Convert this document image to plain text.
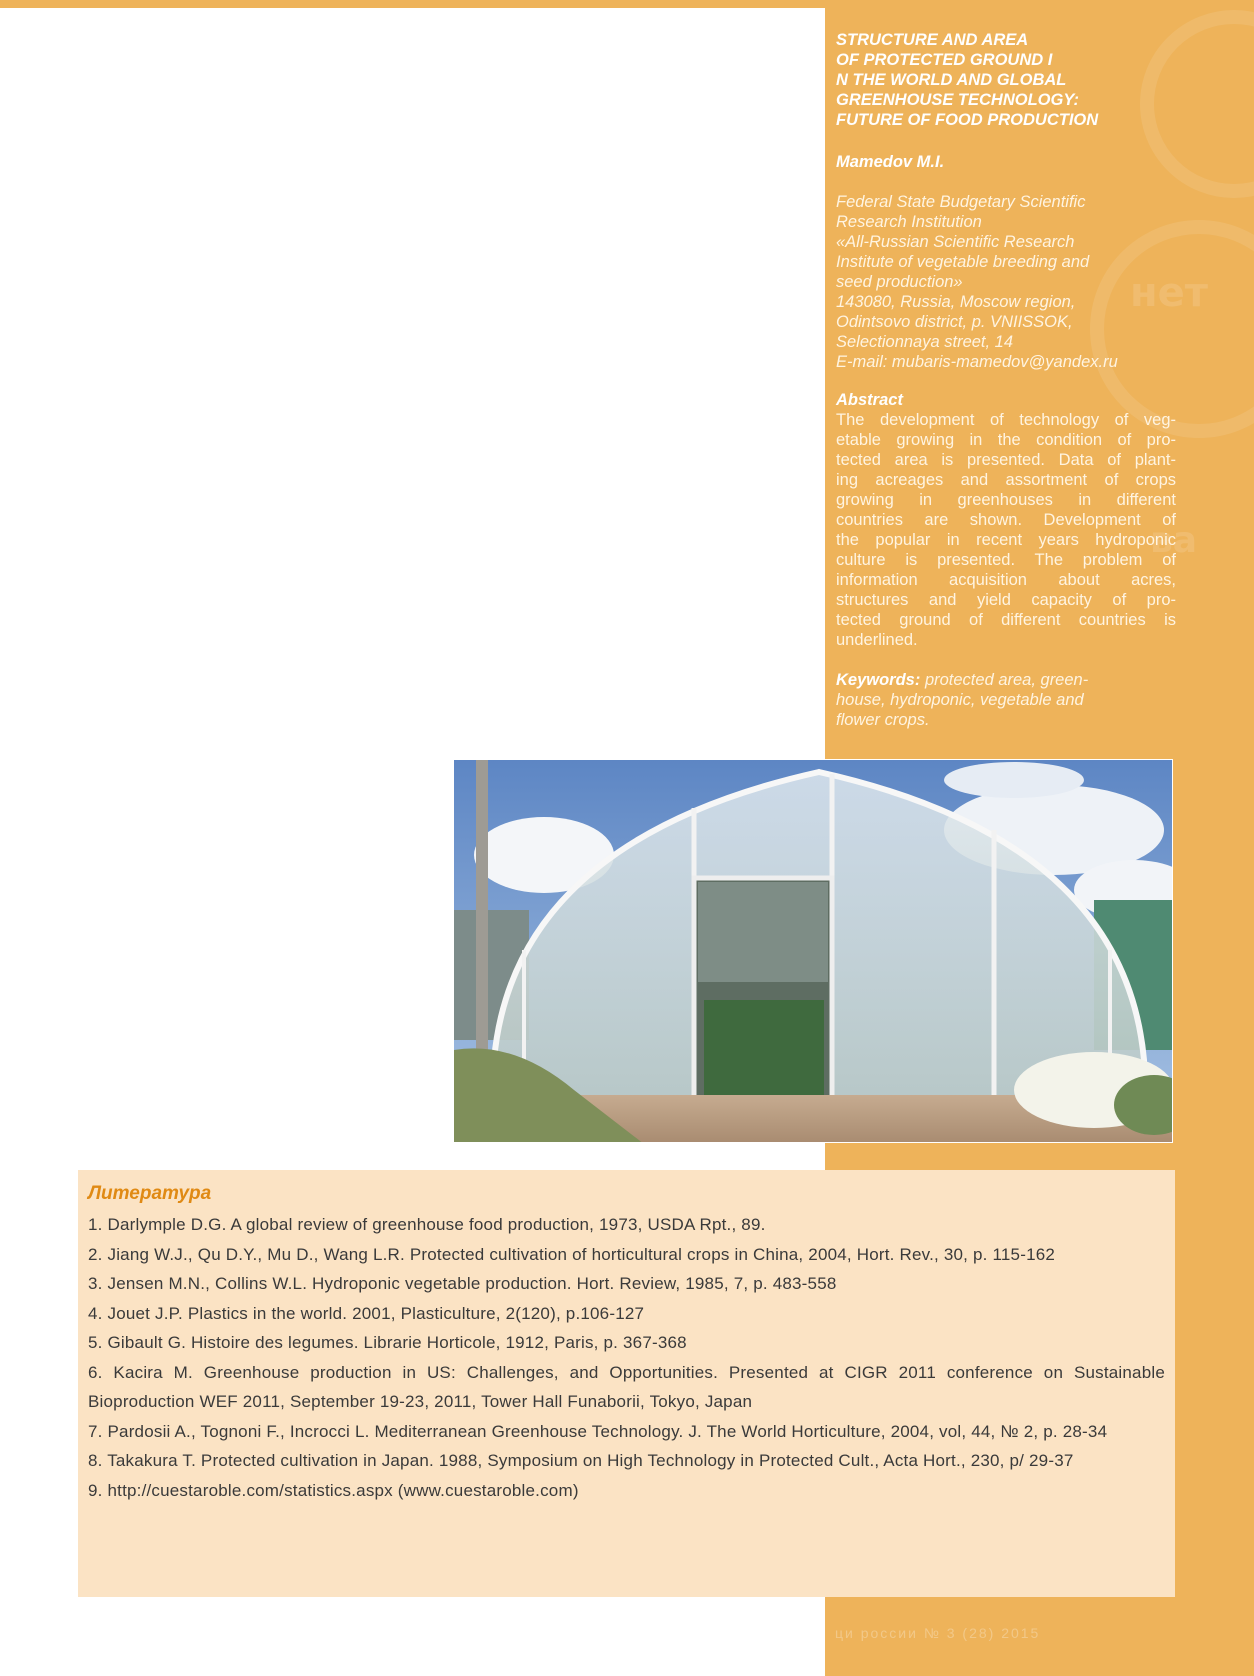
нет
ва
STRUCTURE AND AREA
OF PROTECTED GROUND I
N THE WORLD AND GLOBAL
GREENHOUSE TECHNOLOGY:
FUTURE OF FOOD PRODUCTION
Mamedov M.I.
Federal State Budgetary Scientific
Research Institution
«All-Russian Scientific Research
Institute of vegetable breeding and
seed production»
143080, Russia, Moscow region,
Odintsovo district, p. VNIISSOK,
Selectionnaya street, 14
E-mail: mubaris-mamedov@yandex.ru
Abstract
The development of technology of veg-
etable growing in the condition of pro-
tected area is presented. Data of plant-
ing acreages and assortment of crops
growing in greenhouses in different
countries are shown. Development of
the popular in recent years hydroponic
culture is presented. The problem of
information acquisition about acres,
structures and yield capacity of pro-
tected ground of different countries is
underlined.
Keywords: protected area, green-
house, hydroponic, vegetable and
flower crops.
Литература
1. Darlymple D.G. A global review of greenhouse food production, 1973, USDA Rpt., 89.
2. Jiang W.J., Qu D.Y., Mu D., Wang L.R. Protected cultivation of horticultural crops in China, 2004, Hort. Rev., 30, p. 115-162
3. Jensen M.N., Collins W.L. Hydroponic vegetable production. Hort. Review, 1985, 7, p. 483-558
4. Jouet J.P. Plastics in the world. 2001, Plasticulture, 2(120), p.106-127
5. Gibault G. Histoire des legumes. Librarie Horticole, 1912, Paris, p. 367-368
6. Kacira M. Greenhouse production in US: Challenges, and Opportunities. Presented at CIGR 2011 conference on Sustainable Bioproduction WEF 2011, September 19-23, 2011, Tower Hall Funaborii, Tokyo, Japan
7. Pardosii A., Tognoni F., Incrocci L. Mediterranean Greenhouse Technology. J. The World Horticulture, 2004, vol, 44, № 2, p. 28-34
8. Takakura T. Protected cultivation in Japan. 1988, Symposium on High Technology in Protected Cult., Acta Hort., 230, p/ 29-37
9. http://cuestaroble.com/statistics.aspx (www.cuestaroble.com)
ци россии № 3 (28) 2015
